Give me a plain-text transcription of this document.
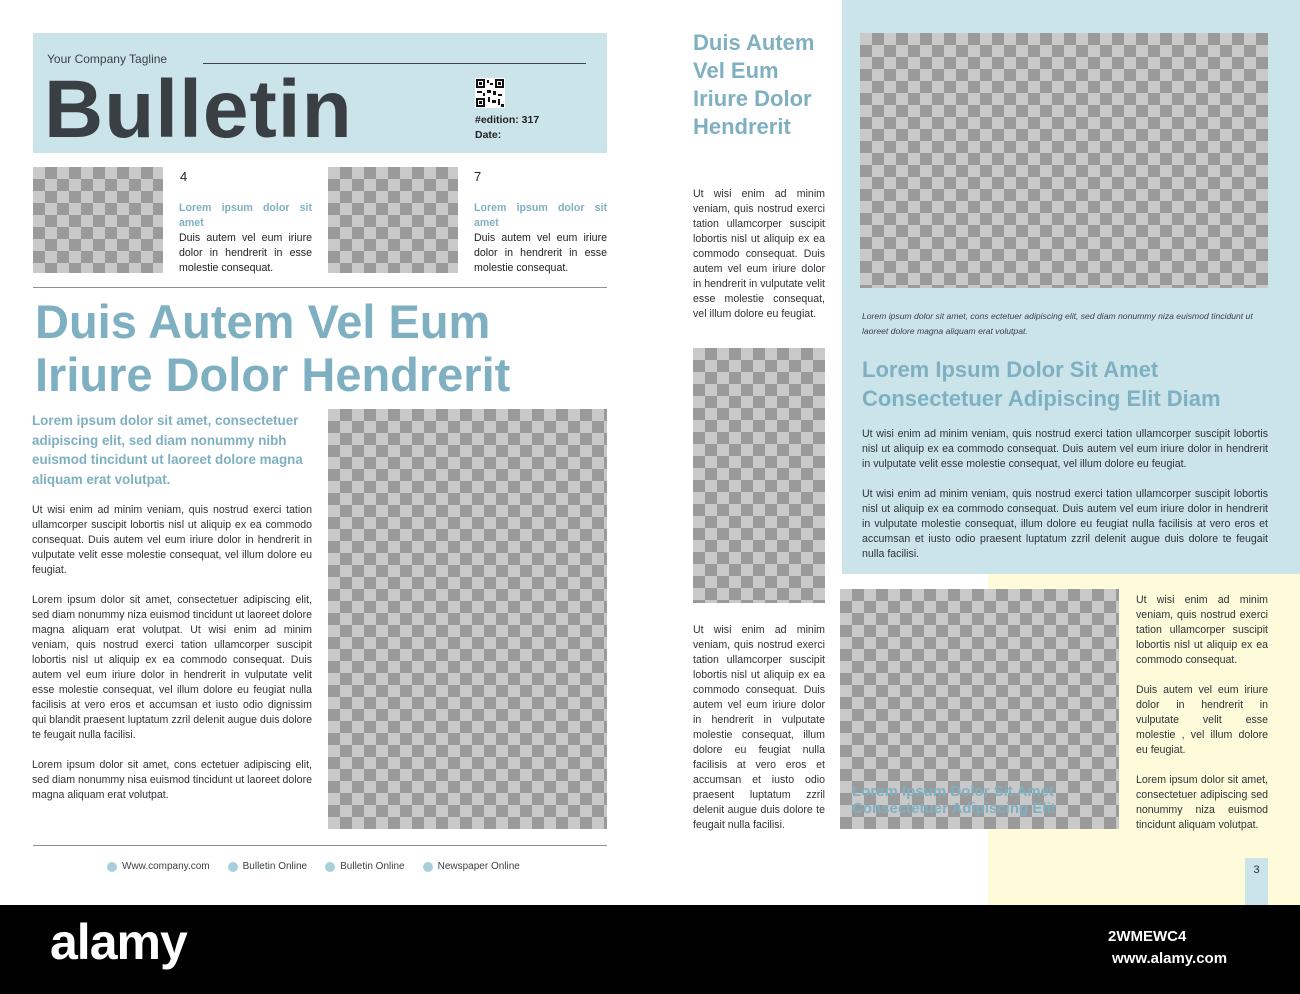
Your Company Tagline
Bulletin	#edition: 317
Date:
4
Lorem ipsum dolor sit amet
Duis autem vel eum iriure dolor in hendrerit in esse molestie consequat.
7
Lorem ipsum dolor sit amet
Duis autem vel eum iriure dolor in hendrerit in esse molestie consequat.
Duis Autem Vel Eum
Iriure Dolor Hendrerit
Lorem ipsum dolor sit amet, consectetuer adipiscing elit, sed diam nonummy nibh euismod tincidunt ut laoreet dolore magna aliquam erat volutpat.
Ut wisi enim ad minim veniam, quis nostrud exerci tation ullamcorper suscipit lobortis nisl ut aliquip ex ea commodo consequat. Duis autem vel eum iriure dolor in hendrerit in vulputate velit esse molestie consequat, vel illum dolore eu feugiat.
Lorem ipsum dolor sit amet, consectetuer adipiscing elit, sed diam nonummy niza euismod tincidunt ut laoreet dolore magna aliquam erat volutpat. Ut wisi enim ad minim veniam, quis nostrud exerci tation ullamcorper suscipit lobortis nisl ut aliquip ex ea commodo consequat. Duis autem vel eum iriure dolor in hendrerit in vulputate velit esse molestie consequat, vel illum dolore eu feugiat nulla facilisis at vero eros et accumsan et iusto odio dignissim qui blandit praesent luptatum zzril delenit augue duis dolore te feugait nulla facilisi.
Lorem ipsum dolor sit amet, cons ectetuer adipiscing elit, sed diam nonummy nisa euismod tincidunt ut laoreet dolore magna aliquam erat volutpat.
Www.company.com	Bulletin Online	Bulletin Online	Newspaper Online
Duis Autem Vel Eum Iriure Dolor Hendrerit
Ut wisi enim ad minim veniam, quis nostrud exerci tation ullamcorper suscipit lobortis nisl ut aliquip ex ea commodo consequat. Duis autem vel eum iriure dolor in hendrerit in vulputate velit esse molestie consequat, vel illum dolore eu feugiat.
Ut wisi enim ad minim veniam, quis nostrud exerci tation ullamcorper suscipit lobortis nisl ut aliquip ex ea commodo consequat. Duis autem vel eum iriure dolor in hendrerit in vulputate molestie consequat, illum dolore eu feugiat nulla facilisis at vero eros et accumsan et iusto odio praesent luptatum zzril delenit augue duis dolore te feugait nulla facilisi.
Lorem ipsum dolor sit amet, cons ectetuer adipiscing elit, sed diam nonummy niza euismod tincidunt ut laoreet dolore magna aliquam erat volutpat.
Lorem Ipsum Dolor Sit Amet Consectetuer Adipiscing Elit Diam
Ut wisi enim ad minim veniam, quis nostrud exerci tation ullamcorper suscipit lobortis nisl ut aliquip ex ea commodo consequat. Duis autem vel eum iriure dolor in hendrerit in vulputate velit esse molestie consequat, vel illum dolore eu feugiat.
Ut wisi enim ad minim veniam, quis nostrud exerci tation ullamcorper suscipit lobortis nisl ut aliquip ex ea commodo consequat. Duis autem vel eum iriure dolor in hendrerit in vulputate molestie consequat, illum dolore eu feugiat nulla facilisis at vero eros et accumsan et iusto odio praesent luptatum zzril delenit augue duis dolore te feugait nulla facilisi.
Lorem Ipsum Dolor Sit Amet Consectetuer Adipiscing Elit
Ut wisi enim ad minim veniam, quis nostrud exerci tation ullamcorper suscipit lobortis nisl ut aliquip ex ea commodo consequat.
Duis autem vel eum iriure dolor in hendrerit in vulputate velit esse molestie , vel illum dolore eu feugiat.
Lorem ipsum dolor sit amet, consectetuer adipiscing sed nonummy niza euismod tincidunt aliquam volutpat.
3
alamy	2WMEWC4
www.alamy.com
